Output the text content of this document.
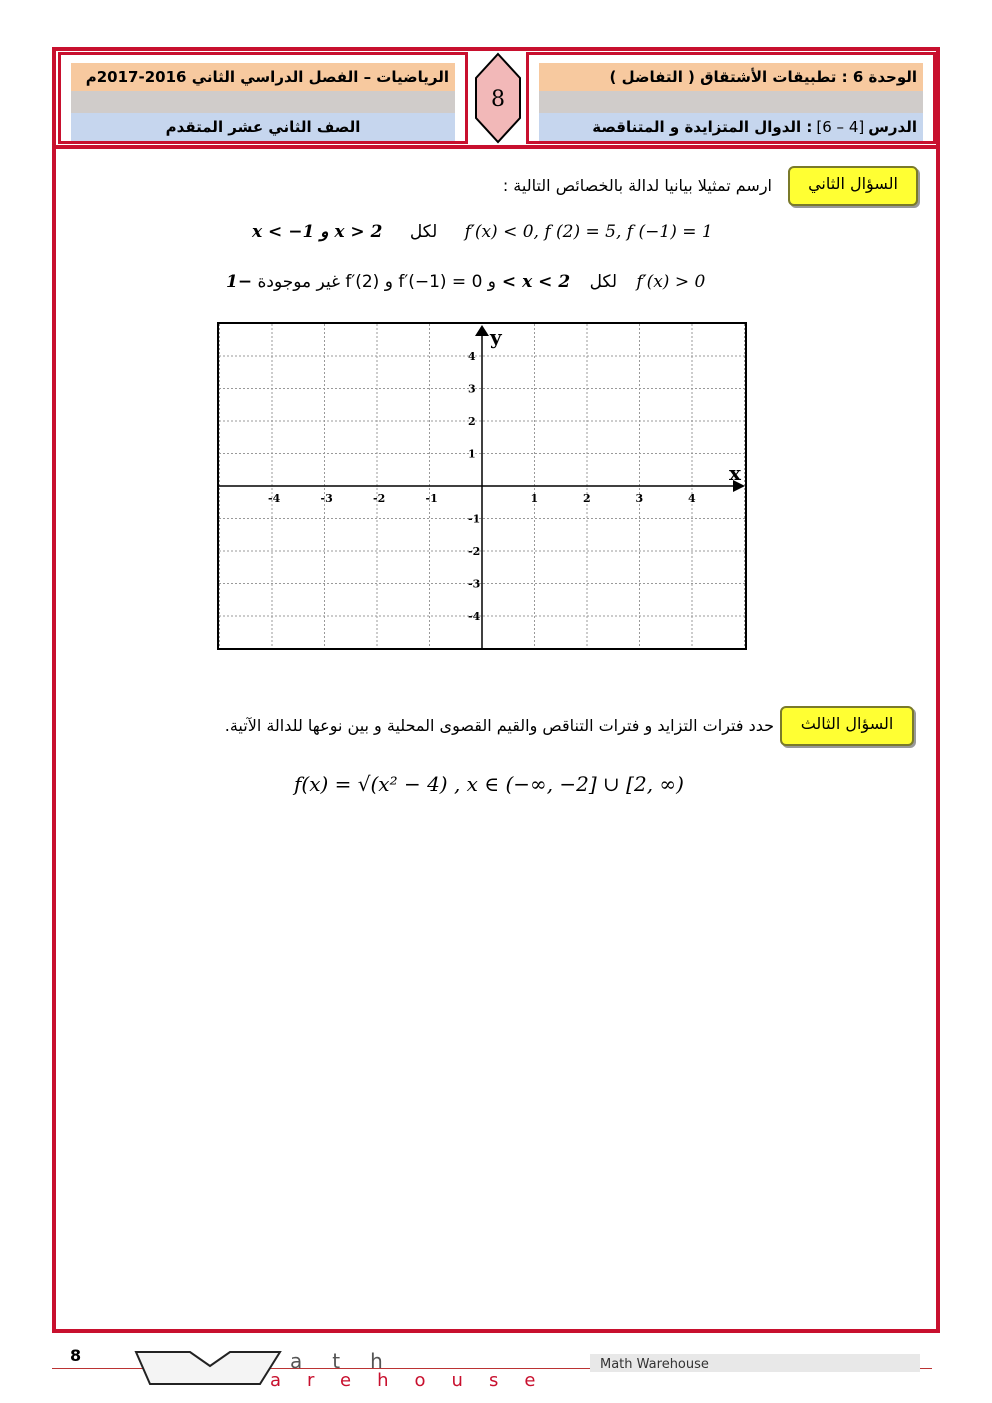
الرياضيات – الفصل الدراسي الثاني 2016-2017م
الصف الثاني عشر المتقدم
8
الوحدة 6 : تطبيقات الأشتقاق ( التفاضل )
الدرس
[6 – 4]
: الدوال المتزايدة و المتناقصة
السؤال الثاني
ارسم تمثيلا بيانيا لدالة بالخصائص التالية :
x < −1 و x > 2 لكل f′(x) < 0, f (2) = 5, f (−1) = 1
و f′(−1) = 0 و f′(2) غير موجودة −1 < x < 2 لكل f′(x) > 0
x
y
-4	-3	-2	-1	1	2	3	4
4
3
2
1
-1
-2
-3
-4
السؤال الثالث
حدد فترات التزايد و فترات التناقص والقيم القصوى المحلية و بين نوعها للدالة الآتية.
f(x) = √(x² − 4) , x ∈ (−∞, −2] ∪ [2, ∞)
8	ath
arehouse
Math Warehouse
